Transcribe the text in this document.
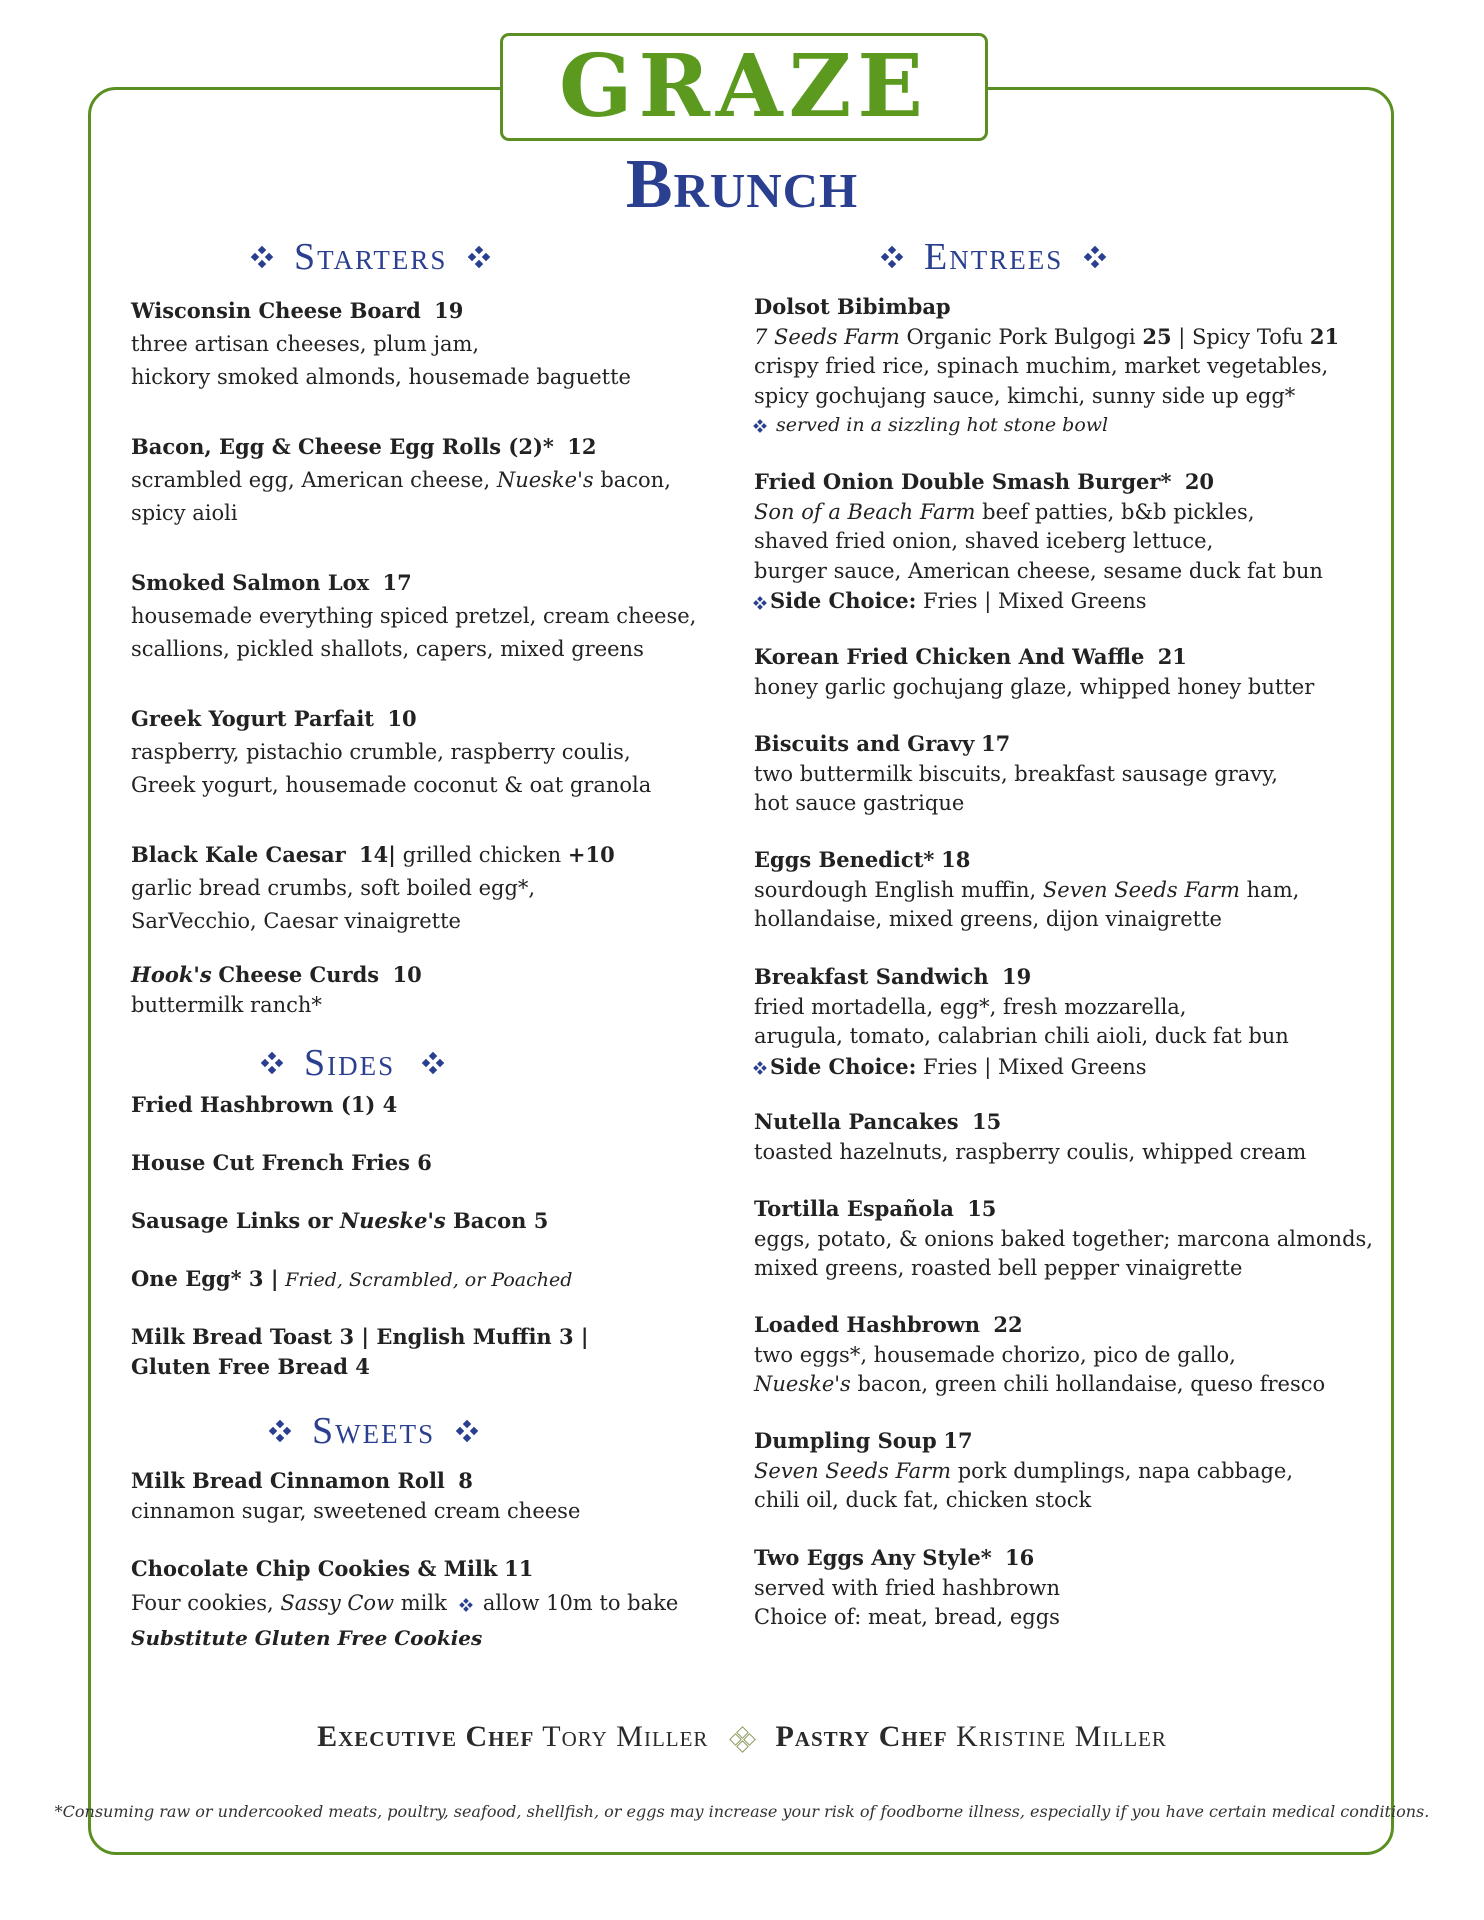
GRAZE
Brunch
Starters	Entrees
Wisconsin Cheese Board 19
three artisan cheeses, plum jam,
hickory smoked almonds, housemade baguette
Bacon, Egg & Cheese Egg Rolls (2)* 12
scrambled egg, American cheese, Nueske's bacon,
spicy aioli
Smoked Salmon Lox 17
housemade everything spiced pretzel, cream cheese,
scallions, pickled shallots, capers, mixed greens
Greek Yogurt Parfait 10
raspberry, pistachio crumble, raspberry coulis,
Greek yogurt, housemade coconut & oat granola
Black Kale Caesar 14| grilled chicken +10
garlic bread crumbs, soft boiled egg*,
SarVecchio, Caesar vinaigrette
Hook's Cheese Curds 10
buttermilk ranch*
Sides
Fried Hashbrown (1) 4
House Cut French Fries 6
Sausage Links or Nueske's Bacon 5
One Egg* 3 | Fried, Scrambled, or Poached
Milk Bread Toast 3 | English Muffin 3 |
Gluten Free Bread 4
Sweets
Milk Bread Cinnamon Roll 8
cinnamon sugar, sweetened cream cheese
Chocolate Chip Cookies & Milk 11
Four cookies, Sassy Cow milk allow 10m to bake
Substitute Gluten Free Cookies
Dolsot Bibimbap
7 Seeds Farm Organic Pork Bulgogi 25 | Spicy Tofu 21
crispy fried rice, spinach muchim, market vegetables,
spicy gochujang sauce, kimchi, sunny side up egg*
served in a sizzling hot stone bowl
Fried Onion Double Smash Burger* 20
Son of a Beach Farm beef patties, b&b pickles,
shaved fried onion, shaved iceberg lettuce,
burger sauce, American cheese, sesame duck fat bun
Side Choice: Fries | Mixed Greens
Korean Fried Chicken And Waffle 21
honey garlic gochujang glaze, whipped honey butter
Biscuits and Gravy 17
two buttermilk biscuits, breakfast sausage gravy,
hot sauce gastrique
Eggs Benedict* 18
sourdough English muffin, Seven Seeds Farm ham,
hollandaise, mixed greens, dijon vinaigrette
Breakfast Sandwich 19
fried mortadella, egg*, fresh mozzarella,
arugula, tomato, calabrian chili aioli, duck fat bun
Side Choice: Fries | Mixed Greens
Nutella Pancakes 15
toasted hazelnuts, raspberry coulis, whipped cream
Tortilla Española 15
eggs, potato, & onions baked together; marcona almonds,
mixed greens, roasted bell pepper vinaigrette
Loaded Hashbrown 22
two eggs*, housemade chorizo, pico de gallo,
Nueske's bacon, green chili hollandaise, queso fresco
Dumpling Soup 17
Seven Seeds Farm pork dumplings, napa cabbage,
chili oil, duck fat, chicken stock
Two Eggs Any Style* 16
served with fried hashbrown
Choice of: meat, bread, eggs
Executive Chef Tory Miller Pastry Chef Kristine Miller
*Consuming raw or undercooked meats, poultry, seafood, shellfish, or eggs may increase your risk of foodborne illness, especially if you have certain medical conditions.
